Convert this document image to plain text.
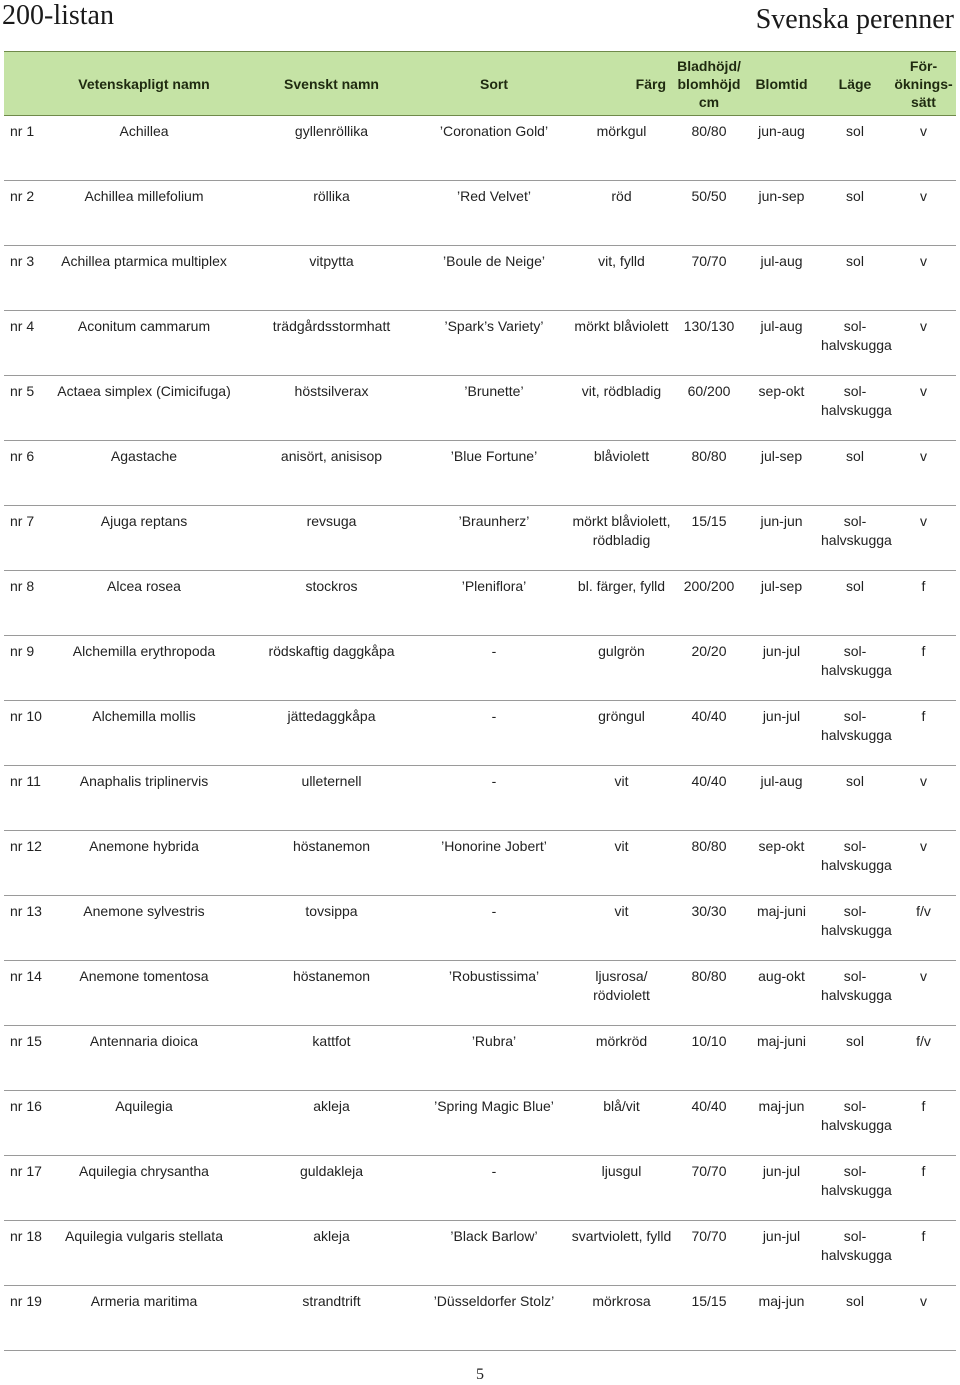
200-listan	Svenska perenner
	Vetenskapligt namn	Svenskt namn	Sort	Färg	Bladhöjd/ blomhöjd cm	Blomtid	Läge	För- öknings- sätt
nr 1	Achillea	gyllenröllika	’Coronation Gold’	mörkgul	80/80	jun-aug	sol	v
nr 2	Achillea millefolium	röllika	’Red Velvet’	röd	50/50	jun-sep	sol	v
nr 3	Achillea ptarmica multiplex	vitpytta	’Boule de Neige’	vit, fylld	70/70	jul-aug	sol	v
nr 4	Aconitum cammarum	trädgårdsstormhatt	’Spark’s Variety’	mörkt blåviolett	130/130	jul-aug	sol- halvskugga	v
nr 5	Actaea simplex (Cimicifuga)	höstsilverax	’Brunette’	vit, rödbladig	60/200	sep-okt	sol- halvskugga	v
nr 6	Agastache	anisört, anisisop	’Blue Fortune’	blåviolett	80/80	jul-sep	sol	v
nr 7	Ajuga reptans	revsuga	’Braunherz’	mörkt blåviolett, rödbladig	15/15	jun-jun	sol- halvskugga	v
nr 8	Alcea rosea	stockros	’Pleniflora’	bl. färger, fylld	200/200	jul-sep	sol	f
nr 9	Alchemilla erythropoda	rödskaftig daggkåpa	-	gulgrön	20/20	jun-jul	sol- halvskugga	f
nr 10	Alchemilla mollis	jättedaggkåpa	-	gröngul	40/40	jun-jul	sol- halvskugga	f
nr 11	Anaphalis triplinervis	ulleternell	-	vit	40/40	jul-aug	sol	v
nr 12	Anemone hybrida	höstanemon	’Honorine Jobert’	vit	80/80	sep-okt	sol- halvskugga	v
nr 13	Anemone sylvestris	tovsippa	-	vit	30/30	maj-juni	sol- halvskugga	f/v
nr 14	Anemone tomentosa	höstanemon	’Robustissima’	ljusrosa/ rödviolett	80/80	aug-okt	sol- halvskugga	v
nr 15	Antennaria dioica	kattfot	’Rubra’	mörkröd	10/10	maj-juni	sol	f/v
nr 16	Aquilegia	akleja	’Spring Magic Blue’	blå/vit	40/40	maj-jun	sol- halvskugga	f
nr 17	Aquilegia chrysantha	guldakleja	-	ljusgul	70/70	jun-jul	sol- halvskugga	f
nr 18	Aquilegia vulgaris stellata	akleja	’Black Barlow’	svartviolett, fylld	70/70	jun-jul	sol- halvskugga	f
nr 19	Armeria maritima	strandtrift	’Düsseldorfer Stolz’	mörkrosa	15/15	maj-jun	sol	v
5
